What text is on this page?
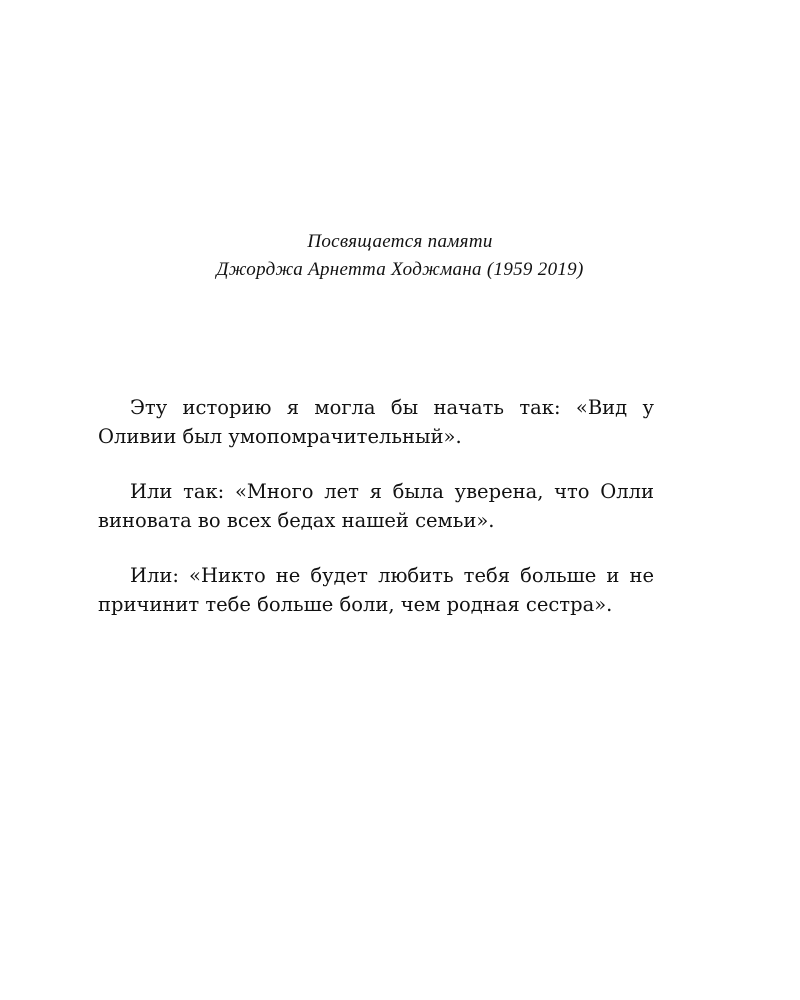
Посвящается памяти
Джорджа Арнетта Ходжмана (1959 2019)

Эту историю я могла бы начать так: «Вид у Оливии был умопомрачительный».

Или так: «Много лет я была уверена, что Олли виновата во всех бедах нашей семьи».

Или: «Никто не будет любить тебя больше и не причинит тебе больше боли, чем родная сестра».
